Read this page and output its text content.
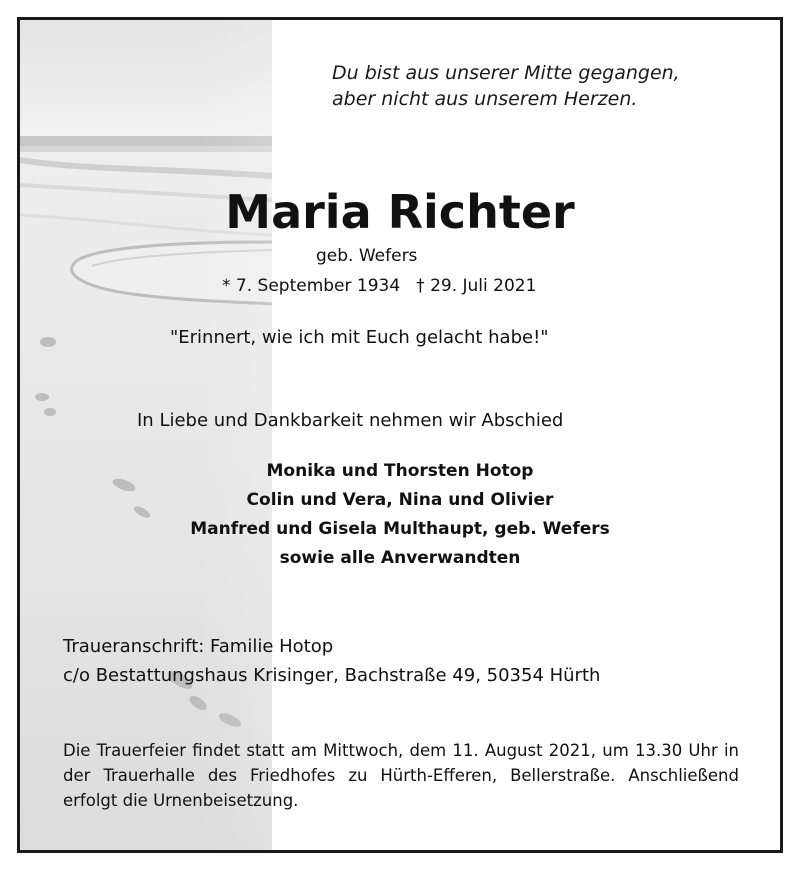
Du bist aus unserer Mitte gegangen,
aber nicht aus unserem Herzen.
Maria Richter
geb. Wefers
* 7. September 1934 † 29. Juli 2021
"Erinnert, wie ich mit Euch gelacht habe!"
In Liebe und Dankbarkeit nehmen wir Abschied
Monika und Thorsten Hotop
Colin und Vera, Nina und Olivier
Manfred und Gisela Multhaupt, geb. Wefers
sowie alle Anverwandten
Traueranschrift: Familie Hotop
c/o Bestattungshaus Krisinger, Bachstraße 49, 50354 Hürth
Die Trauerfeier findet statt am Mittwoch, dem 11. August 2021, um 13.30 Uhr in der Trauerhalle des Friedhofes zu Hürth-Efferen, Bellerstraße. Anschließend erfolgt die Urnenbeisetzung.
